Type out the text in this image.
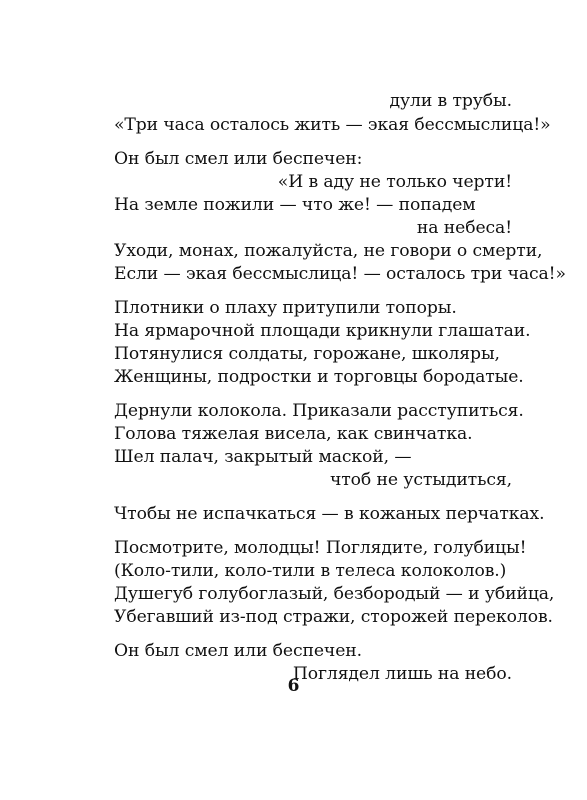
дули в трубы.
«Три часа осталось жить — экая бессмыслица!»
Он был смел или беспечен:
«И в аду не только черти!
На земле пожили — что же! — попадем
на небеса!
Уходи, монах, пожалуйста, не говори о смерти,
Если — экая бессмыслица! — осталось три часа!»
Плотники о плаху притупили топоры.
На ярмарочной площади крикнули глашатаи.
Потянулися солдаты, горожане, школяры,
Женщины, подростки и торговцы бородатые.
Дернули колокола. Приказали расступиться.
Голова тяжелая висела, как свинчатка.
Шел палач, закрытый маской, —
чтоб не устыдиться,
Чтобы не испачкаться — в кожаных перчатках.
Посмотрите, молодцы! Поглядите, голубицы!
(Коло-тили, коло-тили в телеса колоколов.)
Душегуб голубоглазый, безбородый — и убийца,
Убегавший из-под стражи, сторожей переколов.
Он был смел или беспечен.
Поглядел лишь на небо.
6
